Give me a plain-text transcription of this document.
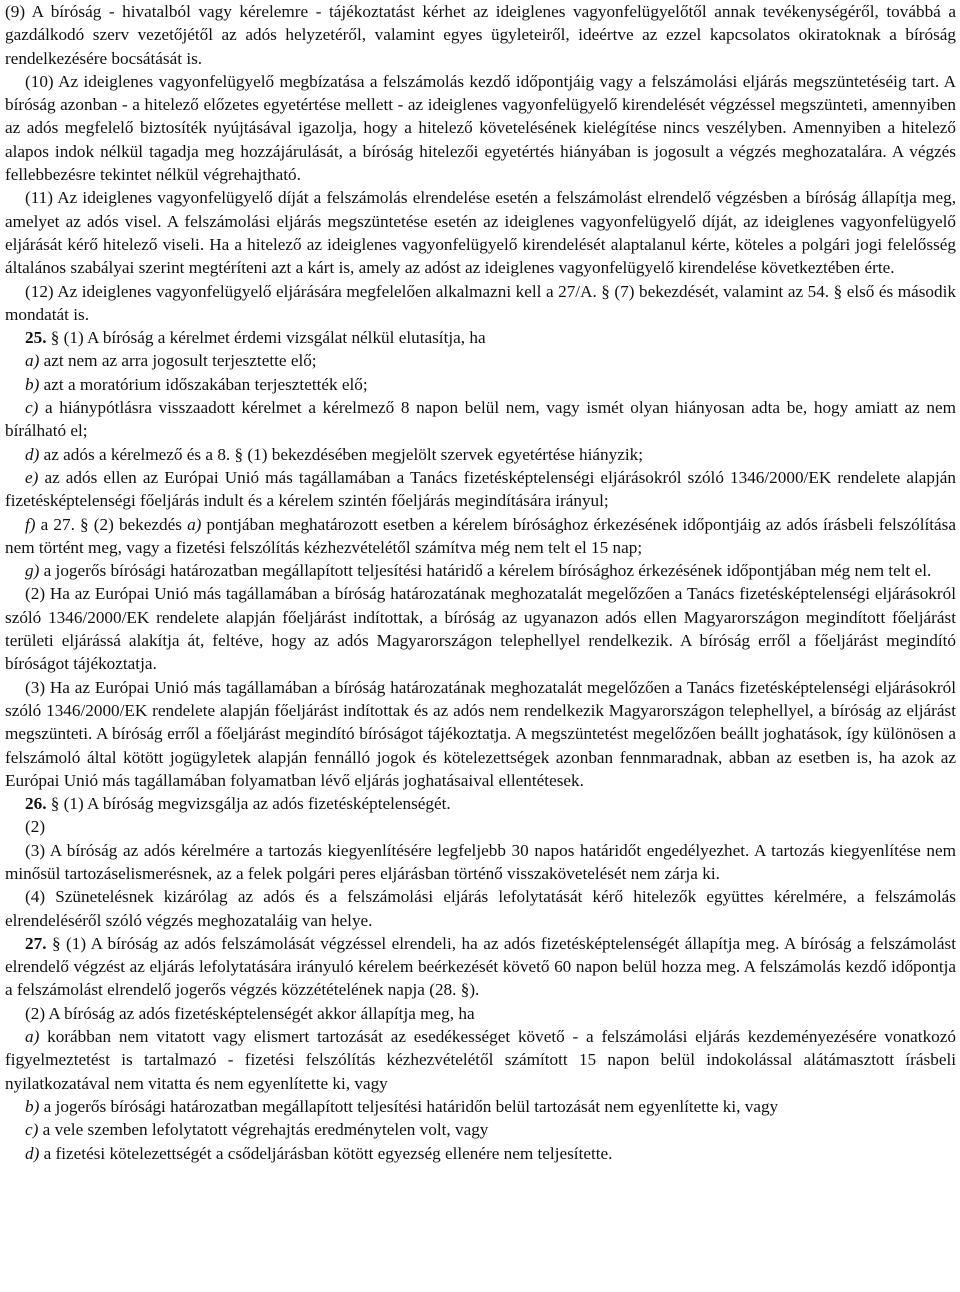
(9) A bíróság - hivatalból vagy kérelemre - tájékoztatást kérhet az ideiglenes vagyonfelügyelőtől annak tevékenységéről, továbbá a gazdálkodó szerv vezetőjétől az adós helyzetéről, valamint egyes ügyleteiről, ideértve az ezzel kapcsolatos okiratoknak a bíróság rendelkezésére bocsátását is.

(10) Az ideiglenes vagyonfelügyelő megbízatása a felszámolás kezdő időpontjáig vagy a felszámolási eljárás megszüntetéséig tart. A bíróság azonban - a hitelező előzetes egyetértése mellett - az ideiglenes vagyonfelügyelő kirendelését végzéssel megszünteti, amennyiben az adós megfelelő biztosíték nyújtásával igazolja, hogy a hitelező követelésének kielégítése nincs veszélyben. Amennyiben a hitelező alapos indok nélkül tagadja meg hozzájárulását, a bíróság hitelezői egyetértés hiányában is jogosult a végzés meghozatalára. A végzés fellebbezésre tekintet nélkül végrehajtható.

(11) Az ideiglenes vagyonfelügyelő díját a felszámolás elrendelése esetén a felszámolást elrendelő végzésben a bíróság állapítja meg, amelyet az adós visel. A felszámolási eljárás megszüntetése esetén az ideiglenes vagyonfelügyelő díját, az ideiglenes vagyonfelügyelő eljárását kérő hitelező viseli. Ha a hitelező az ideiglenes vagyonfelügyelő kirendelését alaptalanul kérte, köteles a polgári jogi felelősség általános szabályai szerint megtéríteni azt a kárt is, amely az adóst az ideiglenes vagyonfelügyelő kirendelése következtében érte.

(12) Az ideiglenes vagyonfelügyelő eljárására megfelelően alkalmazni kell a 27/A. § (7) bekezdését, valamint az 54. § első és második mondatát is.

25. § (1) A bíróság a kérelmet érdemi vizsgálat nélkül elutasítja, ha

a) azt nem az arra jogosult terjesztette elő;

b) azt a moratórium időszakában terjesztették elő;

c) a hiánypótlásra visszaadott kérelmet a kérelmező 8 napon belül nem, vagy ismét olyan hiányosan adta be, hogy amiatt az nem bírálható el;

d) az adós a kérelmező és a 8. § (1) bekezdésében megjelölt szervek egyetértése hiányzik;

e) az adós ellen az Európai Unió más tagállamában a Tanács fizetésképtelenségi eljárásokról szóló 1346/2000/EK rendelete alapján fizetésképtelenségi főeljárás indult és a kérelem szintén főeljárás megindítására irányul;

f) a 27. § (2) bekezdés a) pontjában meghatározott esetben a kérelem bírósághoz érkezésének időpontjáig az adós írásbeli felszólítása nem történt meg, vagy a fizetési felszólítás kézhezvételétől számítva még nem telt el 15 nap;

g) a jogerős bírósági határozatban megállapított teljesítési határidő a kérelem bírósághoz érkezésének időpontjában még nem telt el.

(2) Ha az Európai Unió más tagállamában a bíróság határozatának meghozatalát megelőzően a Tanács fizetésképtelenségi eljárásokról szóló 1346/2000/EK rendelete alapján főeljárást indítottak, a bíróság az ugyanazon adós ellen Magyarországon megindított főeljárást területi eljárássá alakítja át, feltéve, hogy az adós Magyarországon telephellyel rendelkezik. A bíróság erről a főeljárást megindító bíróságot tájékoztatja.

(3) Ha az Európai Unió más tagállamában a bíróság határozatának meghozatalát megelőzően a Tanács fizetésképtelenségi eljárásokról szóló 1346/2000/EK rendelete alapján főeljárást indítottak és az adós nem rendelkezik Magyarországon telephellyel, a bíróság az eljárást megszünteti. A bíróság erről a főeljárást megindító bíróságot tájékoztatja. A megszüntetést megelőzően beállt joghatások, így különösen a felszámoló által kötött jogügyletek alapján fennálló jogok és kötelezettségek azonban fennmaradnak, abban az esetben is, ha azok az Európai Unió más tagállamában folyamatban lévő eljárás joghatásaival ellentétesek.

26. § (1) A bíróság megvizsgálja az adós fizetésképtelenségét.

(2)

(3) A bíróság az adós kérelmére a tartozás kiegyenlítésére legfeljebb 30 napos határidőt engedélyezhet. A tartozás kiegyenlítése nem minősül tartozáselismerésnek, az a felek polgári peres eljárásban történő visszakövetelését nem zárja ki.

(4) Szünetelésnek kizárólag az adós és a felszámolási eljárás lefolytatását kérő hitelezők együttes kérelmére, a felszámolás elrendeléséről szóló végzés meghozataláig van helye.

27. § (1) A bíróság az adós felszámolását végzéssel elrendeli, ha az adós fizetésképtelenségét állapítja meg. A bíróság a felszámolást elrendelő végzést az eljárás lefolytatására irányuló kérelem beérkezését követő 60 napon belül hozza meg. A felszámolás kezdő időpontja a felszámolást elrendelő jogerős végzés közzétételének napja (28. §).

(2) A bíróság az adós fizetésképtelenségét akkor állapítja meg, ha

a) korábban nem vitatott vagy elismert tartozását az esedékességet követő - a felszámolási eljárás kezdeményezésére vonatkozó figyelmeztetést is tartalmazó - fizetési felszólítás kézhezvételétől számított 15 napon belül indokolással alátámasztott írásbeli nyilatkozatával nem vitatta és nem egyenlítette ki, vagy

b) a jogerős bírósági határozatban megállapított teljesítési határidőn belül tartozását nem egyenlítette ki, vagy

c) a vele szemben lefolytatott végrehajtás eredménytelen volt, vagy

d) a fizetési kötelezettségét a csődeljárásban kötött egyezség ellenére nem teljesítette.
